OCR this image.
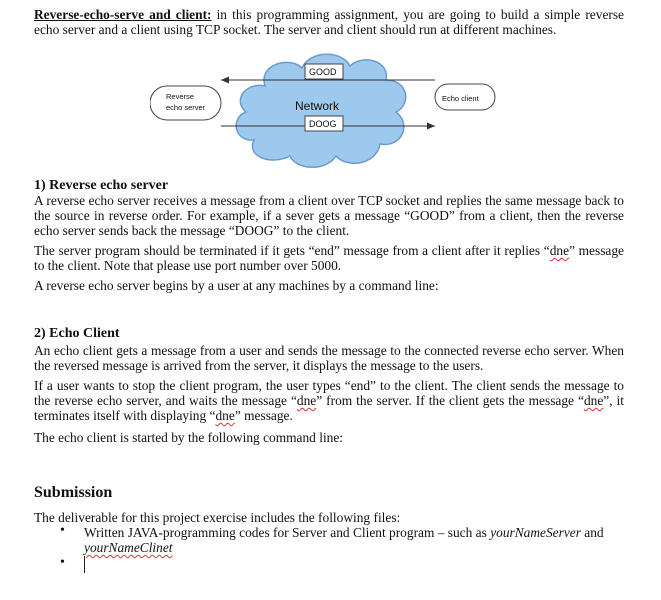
Reverse-echo-serve and client: in this programming assignment, you are going to build a simple reverse echo server and a client using TCP socket. The server and client should run at different machines.

Reverse
echo server
Echo client
GOOD
Network
DOOG
1) Reverse echo server

A reverse echo server receives a message from a client over TCP socket and replies the same message back to the source in reverse order. For example, if a sever gets a message “GOOD” from a client, then the reverse echo server sends back the message “DOOG” to the client.

The server program should be terminated if it gets “end” message from a client after it replies “dne” message to the client. Note that please use port number over 5000.

A reverse echo server begins by a user at any machines by a command line:

2) Echo Client

An echo client gets a message from a user and sends the message to the connected reverse echo server. When the reversed message is arrived from the server, it displays the message to the users.

If a user wants to stop the client program, the user types “end” to the client. The client sends the message to the reverse echo server, and waits the message “dne” from the server. If the client gets the message “dne”, it terminates itself with displaying “dne” message.

The echo client is started by the following command line:

Submission

The deliverable for this project exercise includes the following files:

• Written JAVA-programming codes for Server and Client program – such as yourNameServer and yourNameClinet
•
